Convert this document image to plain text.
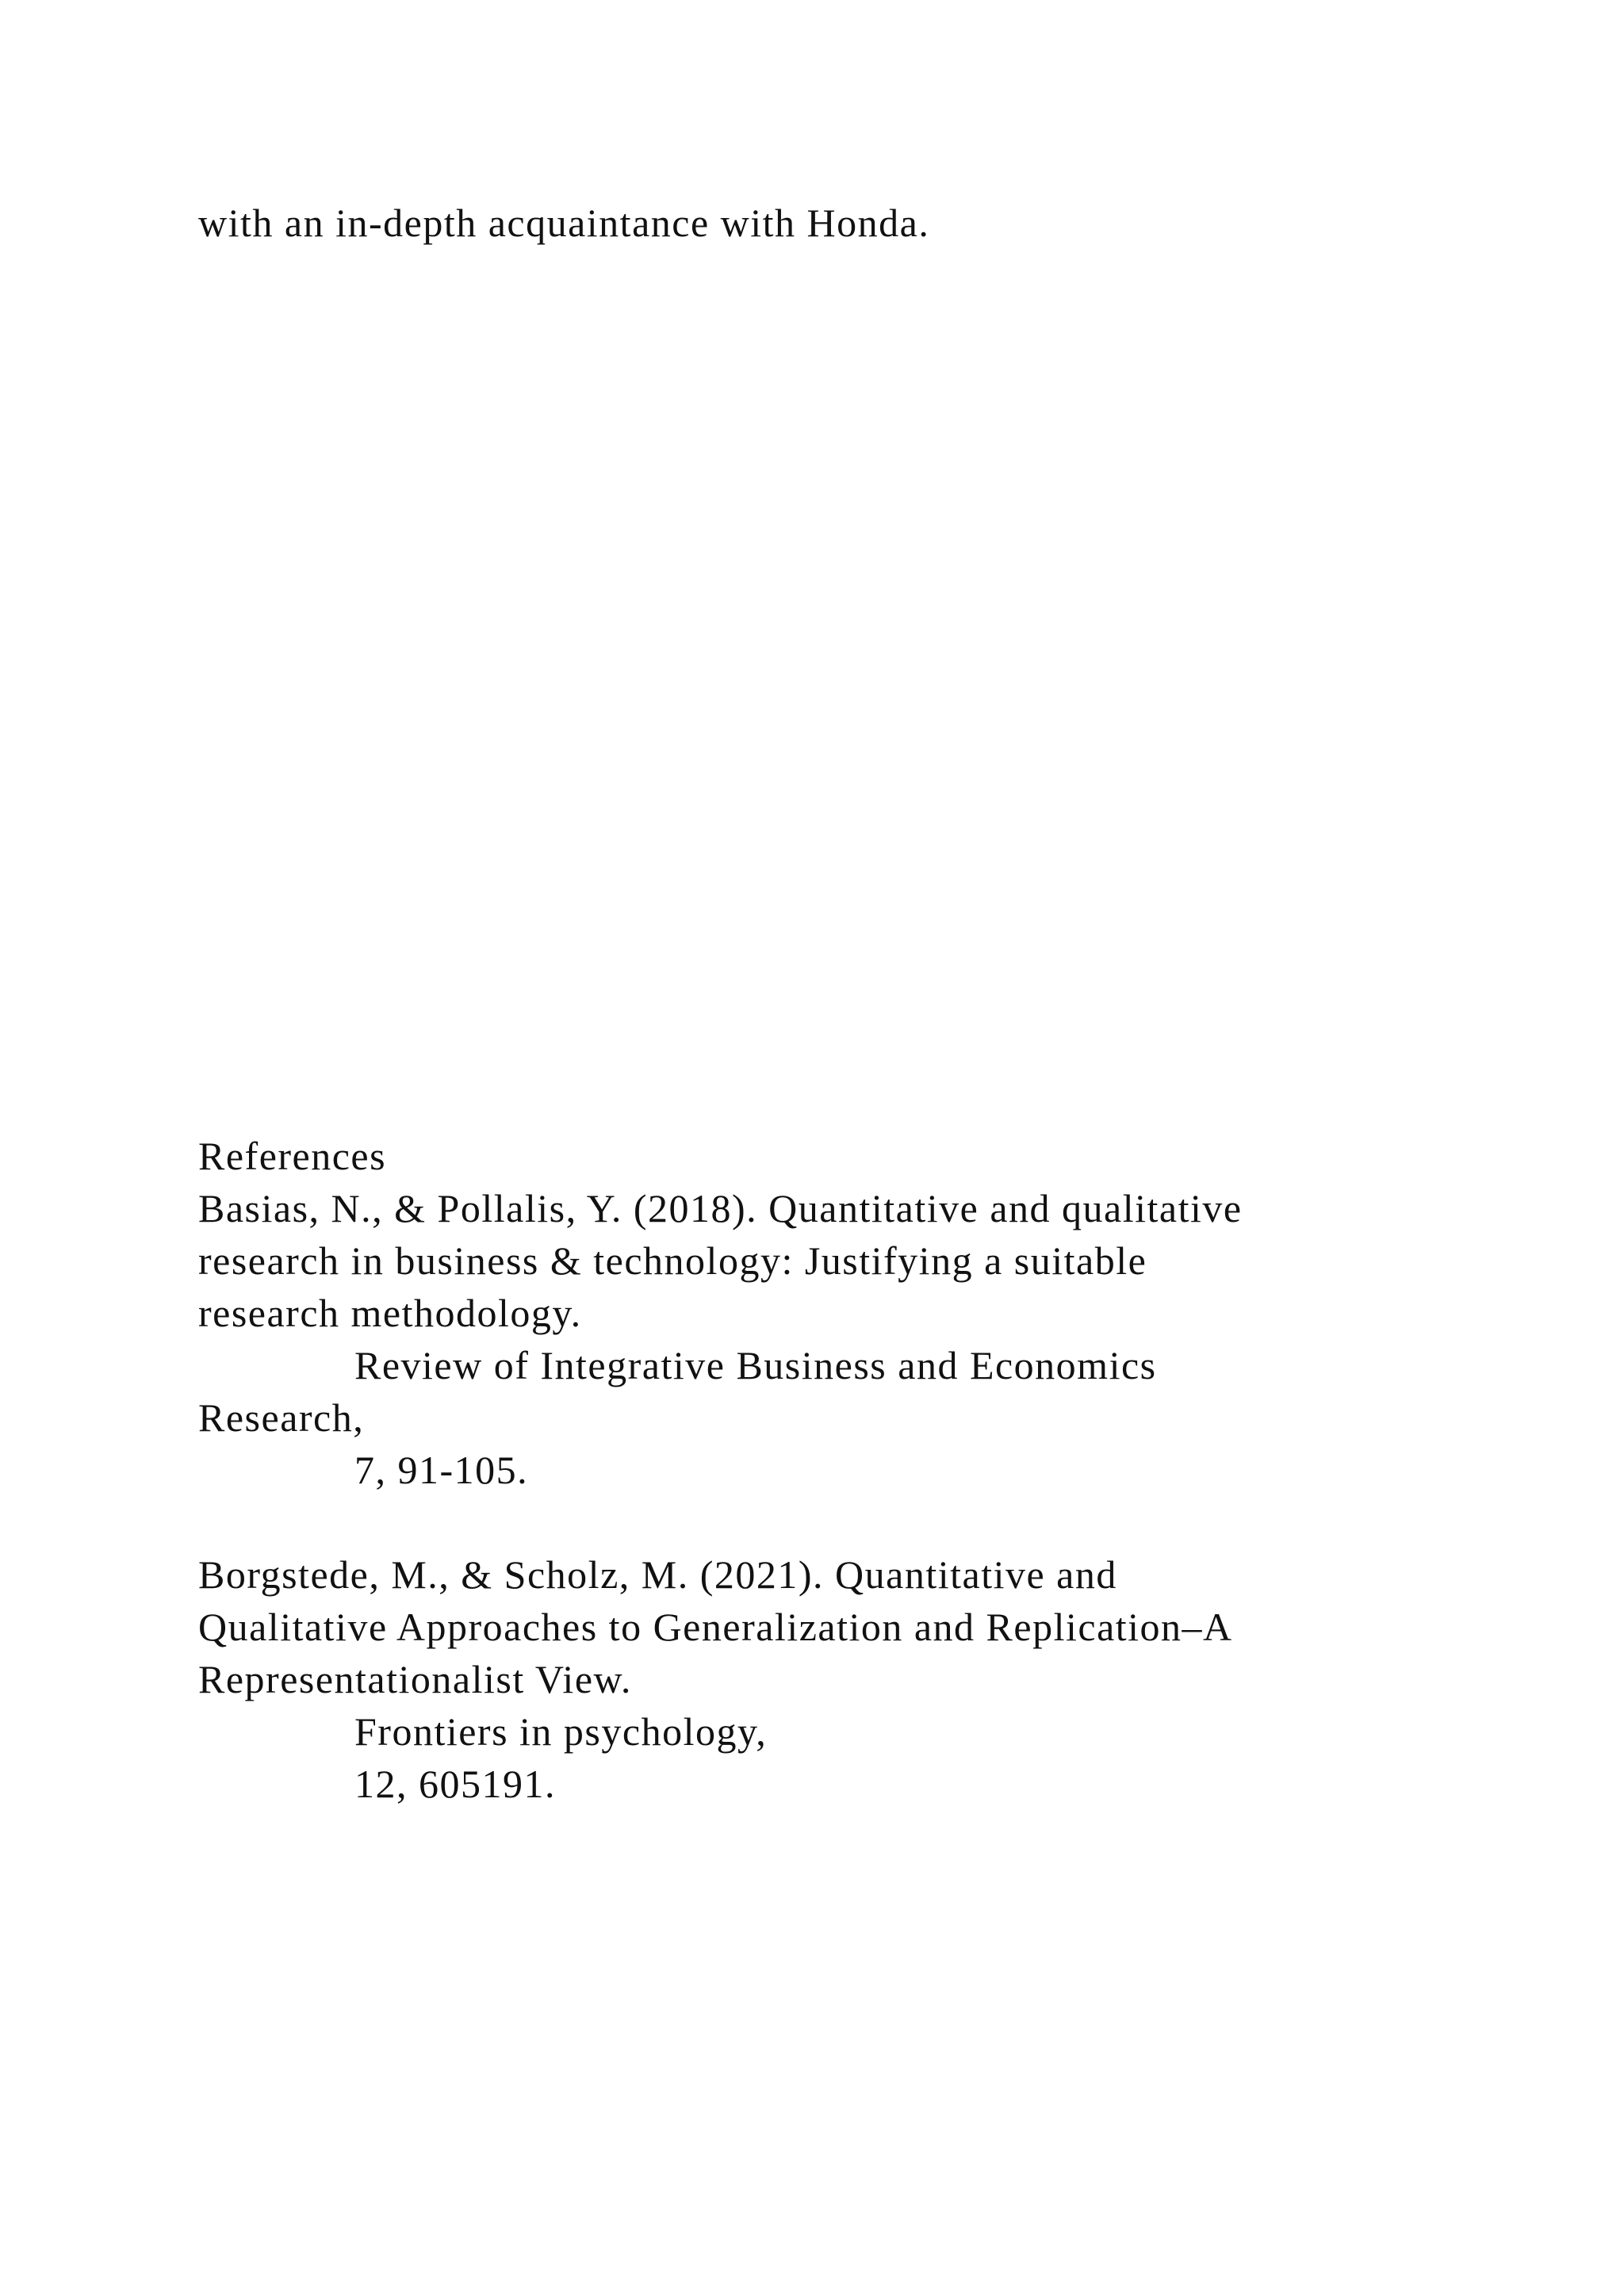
with an in-depth acquaintance with Honda.

References

Basias, N., & Pollalis, Y. (2018). Quantitative and qualitative

research in business & technology: Justifying a suitable

research methodology.

Review of Integrative Business and Economics

Research,

7, 91-105.

Borgstede, M., & Scholz, M. (2021). Quantitative and

Qualitative Approaches to Generalization and Replication–A

Representationalist View.

Frontiers in psychology,

12, 605191.
